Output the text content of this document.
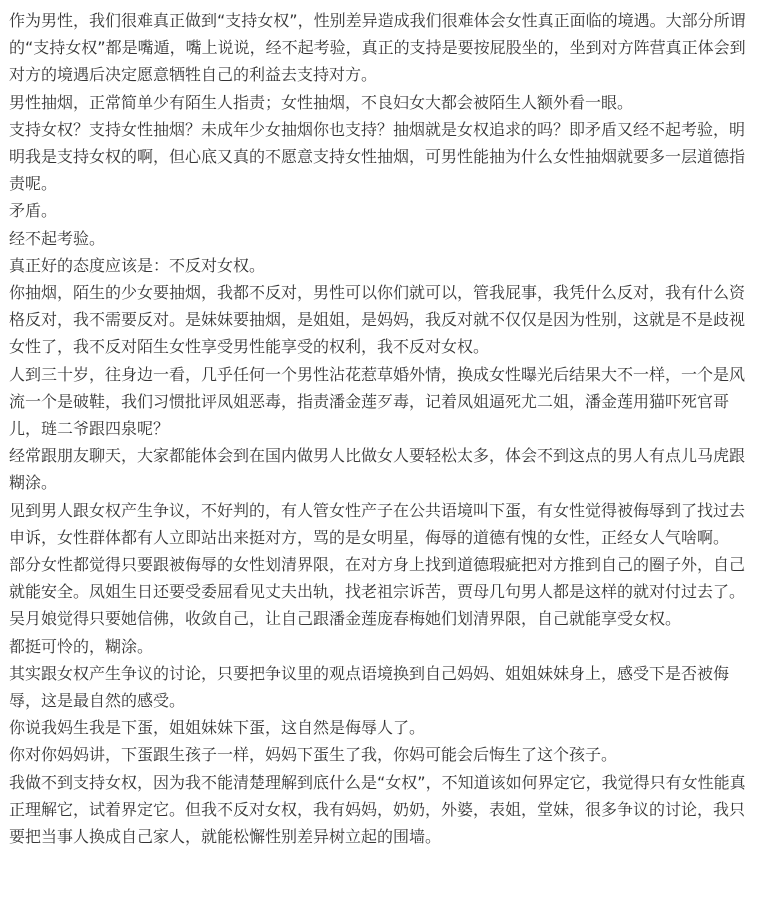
作为男性，我们很难真正做到“支持女权”，性别差异造成我们很难体会女性真正面临的境遇。大部分所谓的“支持女权”都是嘴遁，嘴上说说，经不起考验，真正的支持是要按屁股坐的，坐到对方阵营真正体会到对方的境遇后决定愿意牺牲自己的利益去支持对方。

男性抽烟，正常简单少有陌生人指责；女性抽烟，不良妇女大都会被陌生人额外看一眼。

支持女权？支持女性抽烟？未成年少女抽烟你也支持？抽烟就是女权追求的吗？即矛盾又经不起考验，明明我是支持女权的啊，但心底又真的不愿意支持女性抽烟，可男性能抽为什么女性抽烟就要多一层道德指责呢。

矛盾。

经不起考验。

真正好的态度应该是：不反对女权。

你抽烟，陌生的少女要抽烟，我都不反对，男性可以你们就可以，管我屁事，我凭什么反对，我有什么资格反对，我不需要反对。是妹妹要抽烟，是姐姐，是妈妈，我反对就不仅仅是因为性别，这就是不是歧视女性了，我不反对陌生女性享受男性能享受的权利，我不反对女权。

人到三十岁，往身边一看，几乎任何一个男性沾花惹草婚外情，换成女性曝光后结果大不一样，一个是风流一个是破鞋，我们习惯批评凤姐恶毒，指责潘金莲歹毒，记着凤姐逼死尤二姐，潘金莲用猫吓死官哥儿，琏二爷跟四泉呢？

经常跟朋友聊天，大家都能体会到在国内做男人比做女人要轻松太多，体会不到这点的男人有点儿马虎跟糊涂。

见到男人跟女权产生争议，不好判的，有人管女性产子在公共语境叫下蛋，有女性觉得被侮辱到了找过去申诉，女性群体都有人立即站出来挺对方，骂的是女明星，侮辱的道德有愧的女性，正经女人气啥啊。

部分女性都觉得只要跟被侮辱的女性划清界限，在对方身上找到道德瑕疵把对方推到自己的圈子外，自己就能安全。凤姐生日还要受委屈看见丈夫出轨，找老祖宗诉苦，贾母几句男人都是这样的就对付过去了。吴月娘觉得只要她信佛，收敛自己，让自己跟潘金莲庞春梅她们划清界限，自己就能享受女权。

都挺可怜的，糊涂。

其实跟女权产生争议的讨论，只要把争议里的观点语境换到自己妈妈、姐姐妹妹身上，感受下是否被侮辱，这是最自然的感受。

你说我妈生我是下蛋，姐姐妹妹下蛋，这自然是侮辱人了。

你对你妈妈讲，下蛋跟生孩子一样，妈妈下蛋生了我，你妈可能会后悔生了这个孩子。

我做不到支持女权，因为我不能清楚理解到底什么是“女权”，不知道该如何界定它，我觉得只有女性能真正理解它，试着界定它。但我不反对女权，我有妈妈，奶奶，外婆，表姐，堂妹，很多争议的讨论，我只要把当事人换成自己家人，就能松懈性别差异树立起的围墙。
